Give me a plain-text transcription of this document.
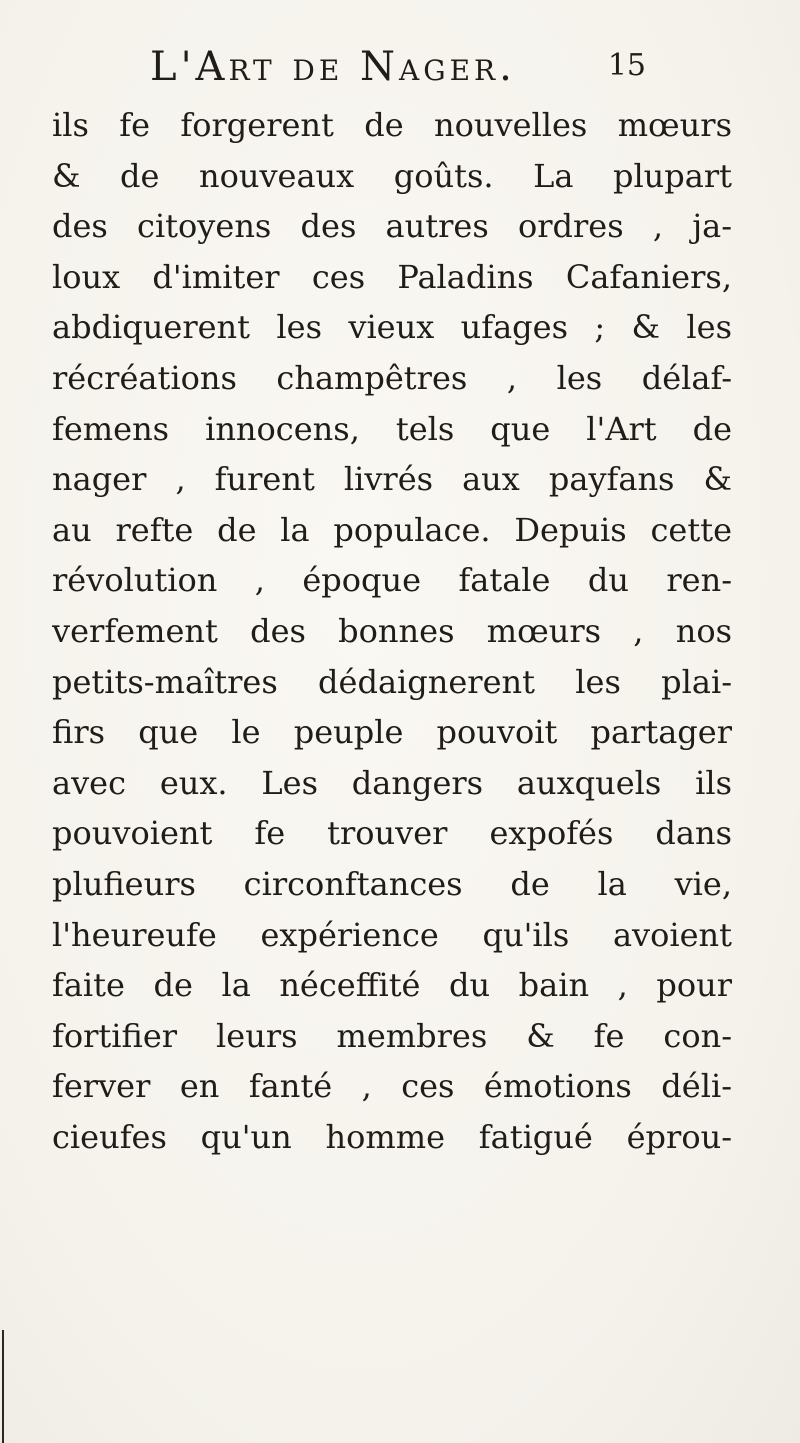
L'Art de Nager.	15
ils fe forgerent de nouvelles mœurs
& de nouveaux goûts. La plupart
des citoyens des autres ordres , ja-
loux d'imiter ces Paladins Cafaniers,
abdiquerent les vieux ufages ; & les
récréations champêtres , les délaf-
femens innocens, tels que l'Art de
nager , furent livrés aux payfans &
au refte de la populace. Depuis cette
révolution , époque fatale du ren-
verfement des bonnes mœurs , nos
petits-maîtres dédaignerent les plai-
firs que le peuple pouvoit partager
avec eux. Les dangers auxquels ils
pouvoient fe trouver expofés dans
plufieurs circonftances de la vie,
l'heureufe expérience qu'ils avoient
faite de la néceffité du bain , pour
fortifier leurs membres & fe con-
ferver en fanté , ces émotions déli-
cieufes qu'un homme fatigué éprou-
